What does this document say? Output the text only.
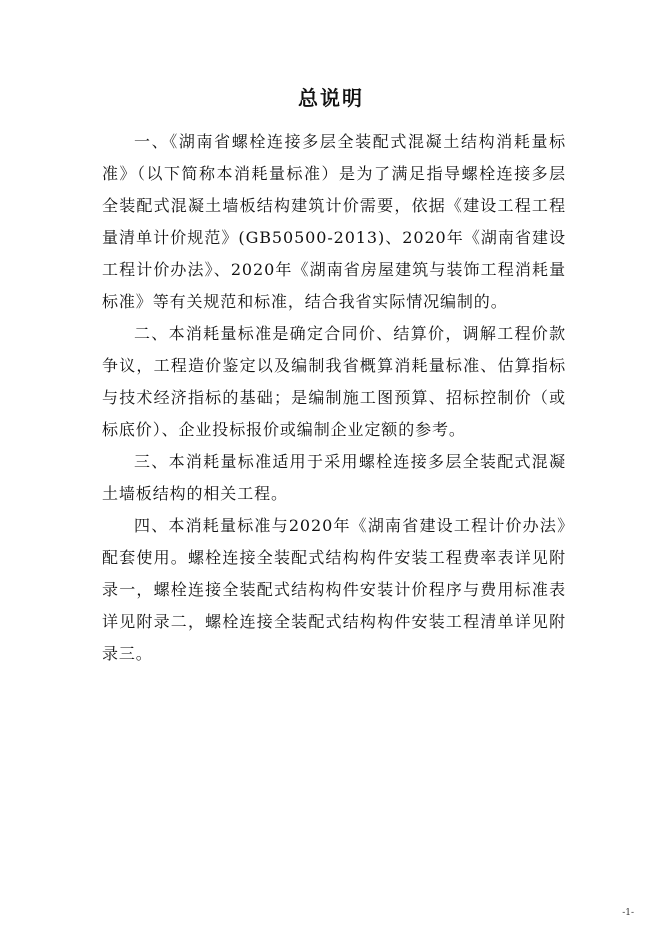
总说明

一、《湖南省螺栓连接多层全装配式混凝土结构消耗量标准》（以下简称本消耗量标准）是为了满足指导螺栓连接多层全装配式混凝土墙板结构建筑计价需要，依据《建设工程工程量清单计价规范》(GB50500-2013)、2020年《湖南省建设工程计价办法》、2020年《湖南省房屋建筑与装饰工程消耗量标准》等有关规范和标准，结合我省实际情况编制的。

二、本消耗量标准是确定合同价、结算价，调解工程价款争议，工程造价鉴定以及编制我省概算消耗量标准、估算指标与技术经济指标的基础；是编制施工图预算、招标控制价（或标底价）、企业投标报价或编制企业定额的参考。

三、本消耗量标准适用于采用螺栓连接多层全装配式混凝土墙板结构的相关工程。

四、本消耗量标准与2020年《湖南省建设工程计价办法》配套使用。螺栓连接全装配式结构构件安装工程费率表详见附录一，螺栓连接全装配式结构构件安装计价程序与费用标准表详见附录二，螺栓连接全装配式结构构件安装工程清单详见附录三。

-1-
